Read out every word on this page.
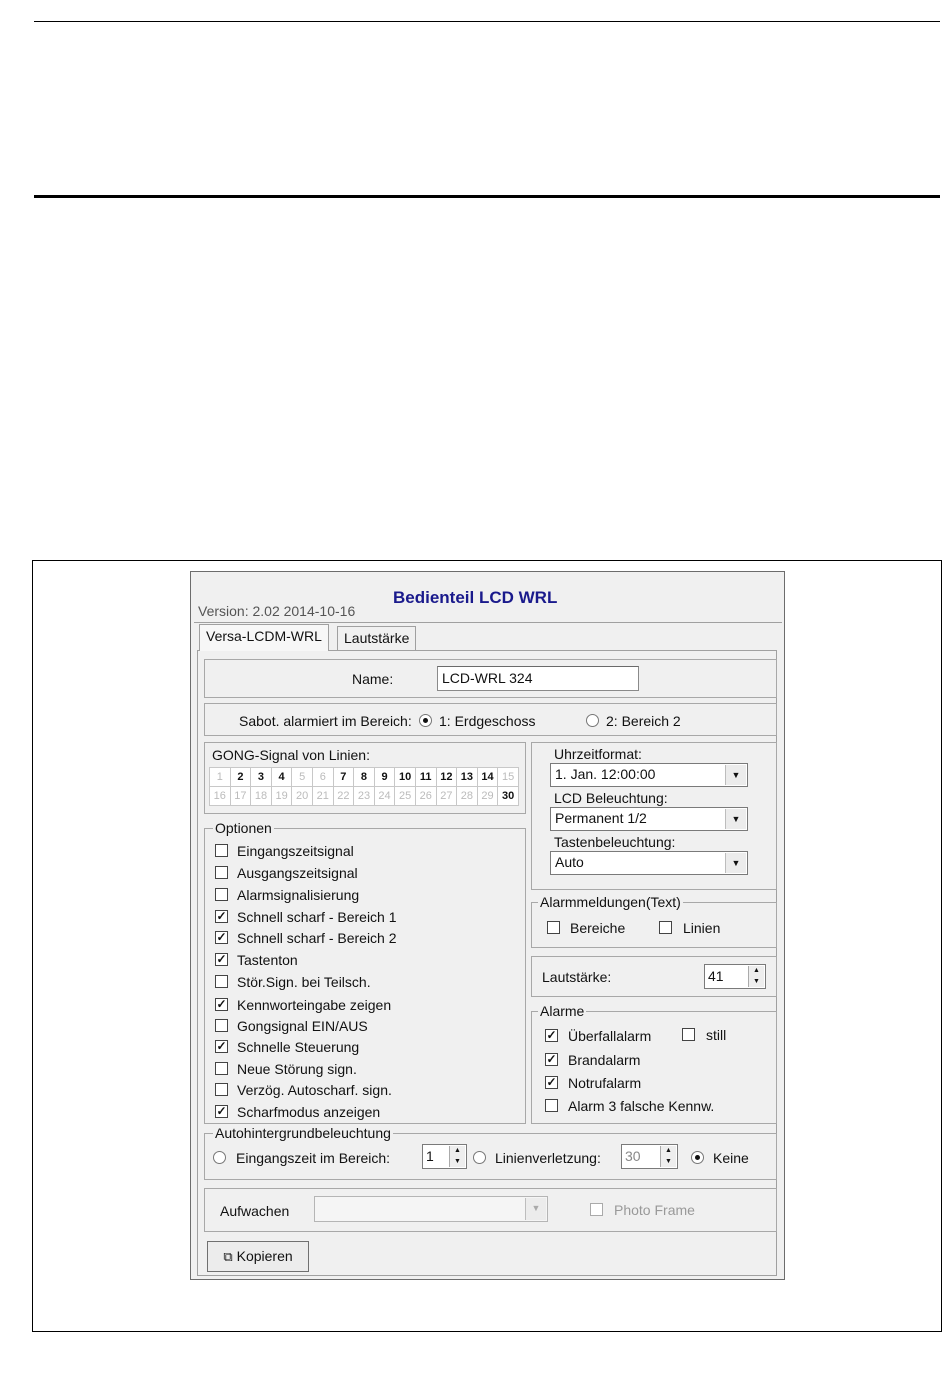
Bedienteil LCD WRL
Version: 2.02 2014-10-16
Versa-LCDM-WRL	Lautstärke
Name:	LCD-WRL 324
Sabot. alarmiert im Bereich: 1: Erdgeschoss	2: Bereich 2
GONG-Signal von Linien:
1	2	3	4	5	6	7	8	9	10	11	12	13	14	15
16	17	18	19	20	21	22	23	24	25	26	27	28	29	30
Optionen
Eingangszeitsignal
Ausgangszeitsignal
Alarmsignalisierung
✓ Schnell scharf - Bereich 1
✓ Schnell scharf - Bereich 2
✓ Tastenton
Stör.Sign. bei Teilsch.
✓ Kennworteingabe zeigen
Gongsignal EIN/AUS
✓ Schnelle Steuerung
Neue Störung sign.
Verzög. Autoscharf. sign.
✓ Scharfmodus anzeigen
Uhrzeitformat:
1. Jan. 12:00:00	▼
LCD Beleuchtung:
Permanent 1/2	▼
Tastenbeleuchtung:
Auto	▼
Alarmmeldungen(Text)
Bereiche	Linien
Lautstärke:	41	▲
▼
Alarme
✓ Überfallalarm	still
✓ Brandalarm
✓ Notrufalarm
Alarm 3 falsche Kennw.
Autohintergrundbeleuchtung
Eingangszeit im Bereich:	1	▲
▼ Linienverletzung: 30	▲
▼	Keine
Aufwachen	▼	Photo Frame
⧉ Kopieren
